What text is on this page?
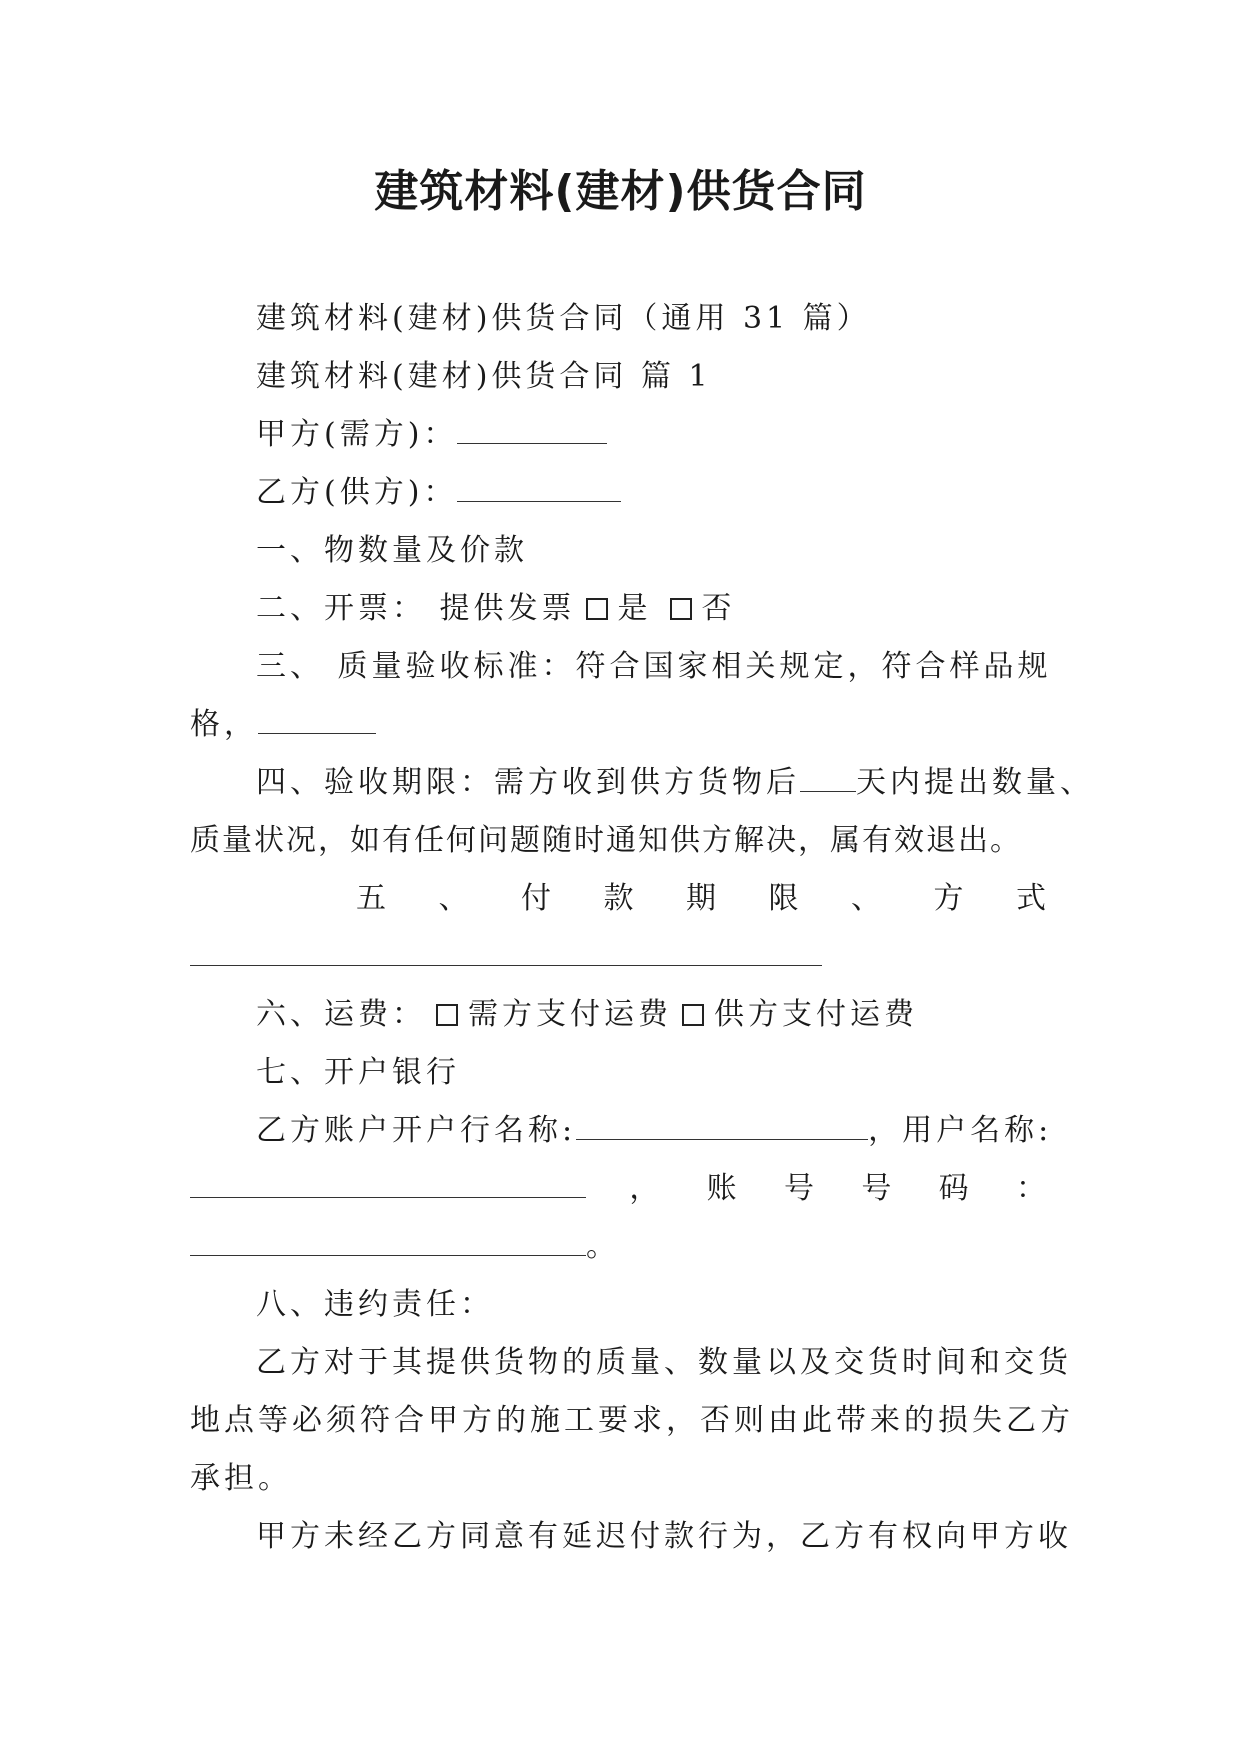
建筑材料(建材)供货合同

建筑材料(建材)供货合同（通用 31 篇）

建筑材料(建材)供货合同 篇 1

甲方(需方)：

乙方(供方)：

一、物数量及价款

二、开票： 提供发票 是 否

三、 质量验收标准：符合国家相关规定，符合样品规

格，

四、验收期限：需方收到供方货物后 天内提出数量、

质量状况，如有任何问题随时通知供方解决，属有效退出。

五 、 付 款 期 限 、 方 式

六、运费： 需方支付运费 供方支付运费

七、开户银行

乙方账户开户行名称:	，用户名称:

， 账 号 号 码 ：

。

八、违约责任：

乙方对于其提供货物的质量、数量以及交货时间和交货

地点等必须符合甲方的施工要求，否则由此带来的损失乙方

承担。

甲方未经乙方同意有延迟付款行为，乙方有权向甲方收
